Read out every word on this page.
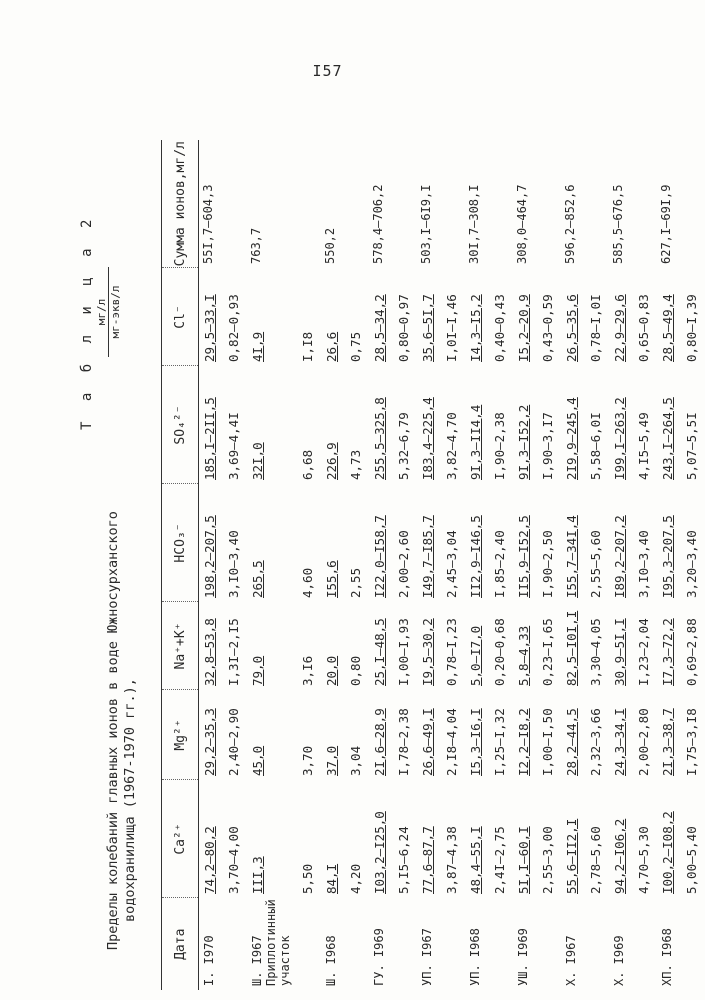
I57
Т а б л и ц а 2
Пределы колебаний главных ионов в воде Южносурханского водохранилища (1967-1970 гг.),
мг/л мг-экв/л
Дата	Ca²⁺	Mg²⁺	Na⁺+K⁺	HCO₃⁻	SO₄²⁻	Cl⁻	Сумма ионов,мг/л
I. I970	74,2–80,2	29,2–35,3	32,8–53,8	198,2–207,5	185,I–2II,5	29,5–33,I	55I,7–604,3
	3,70–4,00	2,40–2,90	I,3I–2,I5	3,I0–3,40	3,69–4,4I	0,82–0,93	
Ш. I967 Приплотинный участок	III,3	45,0	79,0	265,5	32I,0	4I,9	763,7
	5,50	3,70	3,I6	4,60	6,68	I,I8	
Ш. I968	84,I	37,0	20,0	I55,6	226,9	26,6	550,2
	4,20	3,04	0,80	2,55	4,73	0,75	
ГУ. I969	I03,2–I25,0	2I,6–28,9	25,I–48,5	I22,0–I58,7	255,5–325,8	28,5–34,2	578,4–706,2
	5,I5–6,24	I,78–2,38	I,00–I,93	2,00–2,60	5,32–6,79	0,80–0,97	
УП. I967	77,6–87,7	26,6–49,I	I9,5–30,2	I49,7–I85,7	I83,4–225,4	35,6–5I,7	503,I–6I9,I
	3,87–4,38	2,I8–4,04	0,78–I,23	2,45–3,04	3,82–4,70	I,0I–I,46	
УП. I968	48,4–55,I	I5,3–I6,I	5,0–I7,0	II2,9–I46,5	9I,3–II4,4	I4,3–I5,2	30I,7–308,I
	2,4I–2,75	I,25–I,32	0,20–0,68	I,85–2,40	I,90–2,38	0,40–0,43	
УШ. I969	5I,I–60,I	I2,2–I8,2	5,8–4,33	II5,9–I52,5	9I,3–I52,2	I5,2–20,9	308,0–464,7
	2,55–3,00	I,00–I,50	0,23–I,65	I,90–2,50	I,90–3,I7	0,43–0,59	
X. I967	55,6–II2,I	28,2–44,5	82,5–I0I,I	I55,7–34I,4	2I9,9–245,4	26,5–35,6	596,2–852,6
	2,78–5,60	2,32–3,66	3,30–4,05	2,55–5,60	5,58–6,0I	0,78–I,0I	
X. I969	94,2–I06,2	24,3–34,I	30,9–5I,I	I89,2–207,2	I99,I–263,2	22,9–29,6	585,5–676,5
	4,70–5,30	2,00–2,80	I,23–2,04	3,I0–3,40	4,I5–5,49	0,65–0,83	
XП. I968	I00,2–I08,2	2I,3–38,7	I7,3–72,2	I95,3–207,5	243,I–264,5	28,5–49,4	627,I–69I,9
	5,00–5,40	I,75–3,I8	0,69–2,88	3,20–3,40	5,07–5,5I	0,80–I,39	
